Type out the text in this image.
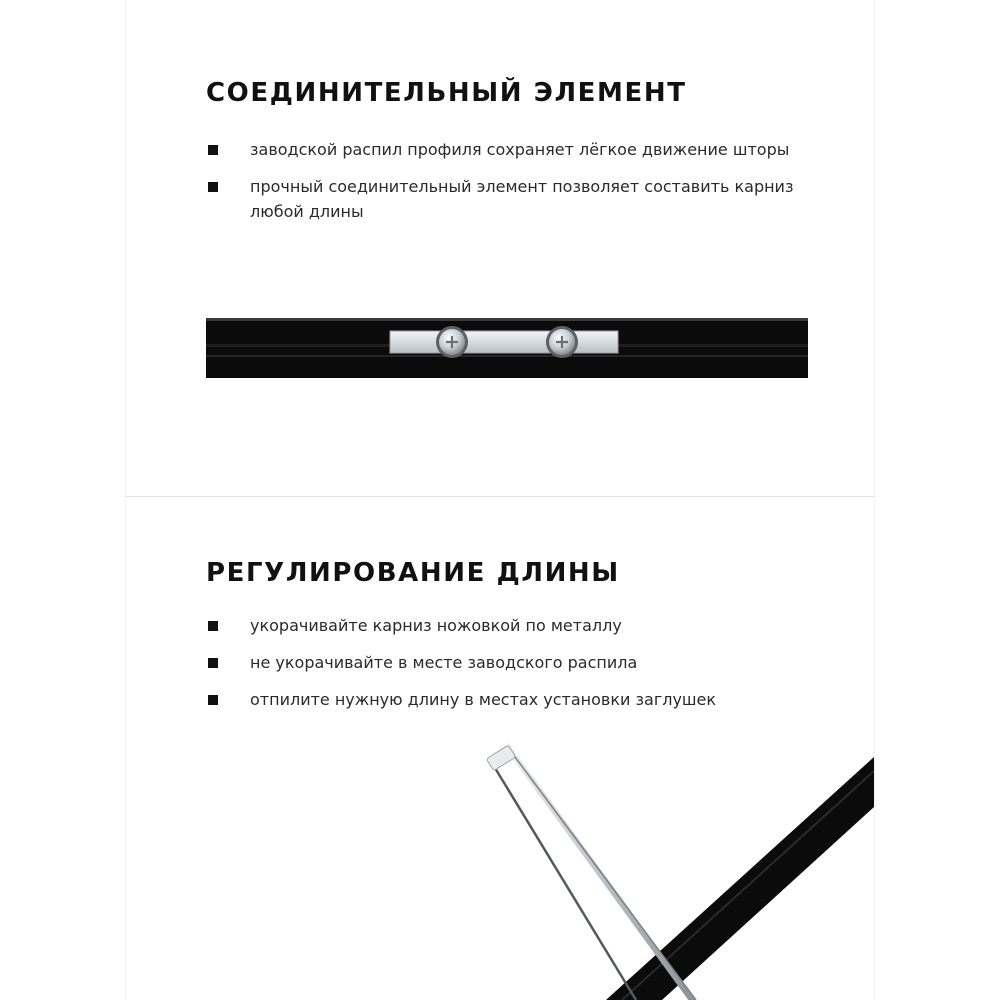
СОЕДИНИТЕЛЬНЫЙ ЭЛЕМЕНТ
заводской распил профиля сохраняет лёгкое движение шторы
прочный соединительный элемент позволяет составить карниз любой длины
РЕГУЛИРОВАНИЕ ДЛИНЫ
укорачивайте карниз ножовкой по металлу
не укорачивайте в месте заводского распила
отпилите нужную длину в местах установки заглушек
